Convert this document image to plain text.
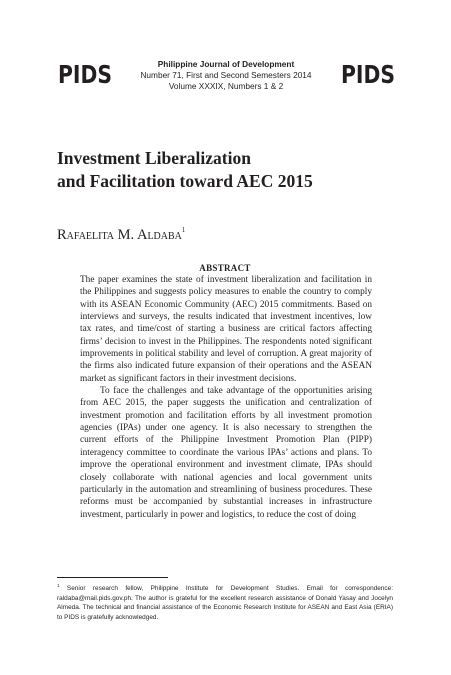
PIDS	Philippine Journal of Development
Number 71, First and Second Semesters 2014
Volume XXXIX, Numbers 1 & 2	PIDS
Investment Liberalization
and Facilitation toward AEC 2015
Rafaelita M. Aldaba$^1$
ABSTRACT

The paper examines the state of investment liberalization and facilitation in the Philippines and suggests policy measures to enable the country to comply with its ASEAN Economic Community (AEC) 2015 commitments. Based on interviews and surveys, the results indicated that investment incentives, low tax rates, and time/cost of starting a business are critical factors affecting firms’ decision to invest in the Philippines. The respondents noted significant improvements in political stability and level of corruption. A great majority of the firms also indicated future expansion of their operations and the ASEAN market as significant factors in their investment decisions.

To face the challenges and take advantage of the opportunities arising from AEC 2015, the paper suggests the unification and centralization of investment promotion and facilitation efforts by all investment promotion agencies (IPAs) under one agency. It is also necessary to strengthen the current efforts of the Philippine Investment Promotion Plan (PIPP) interagency committee to coordinate the various IPAs’ actions and plans. To improve the operational environment and investment climate, IPAs should closely collaborate with national agencies and local government units particularly in the automation and streamlining of business procedures. These reforms must be accompanied by substantial increases in infrastructure investment, particularly in power and logistics, to reduce the cost of doing

$^1$ Senior research fellow, Philippine Institute for Development Studies. Email for correspondence: raldaba@mail.pids.gov.ph. The author is grateful for the excellent research assistance of Donald Yasay and Jocelyn Almeda. The technical and financial assistance of the Economic Research Institute for ASEAN and East Asia (ERIA) to PIDS is gratefully acknowledged.
